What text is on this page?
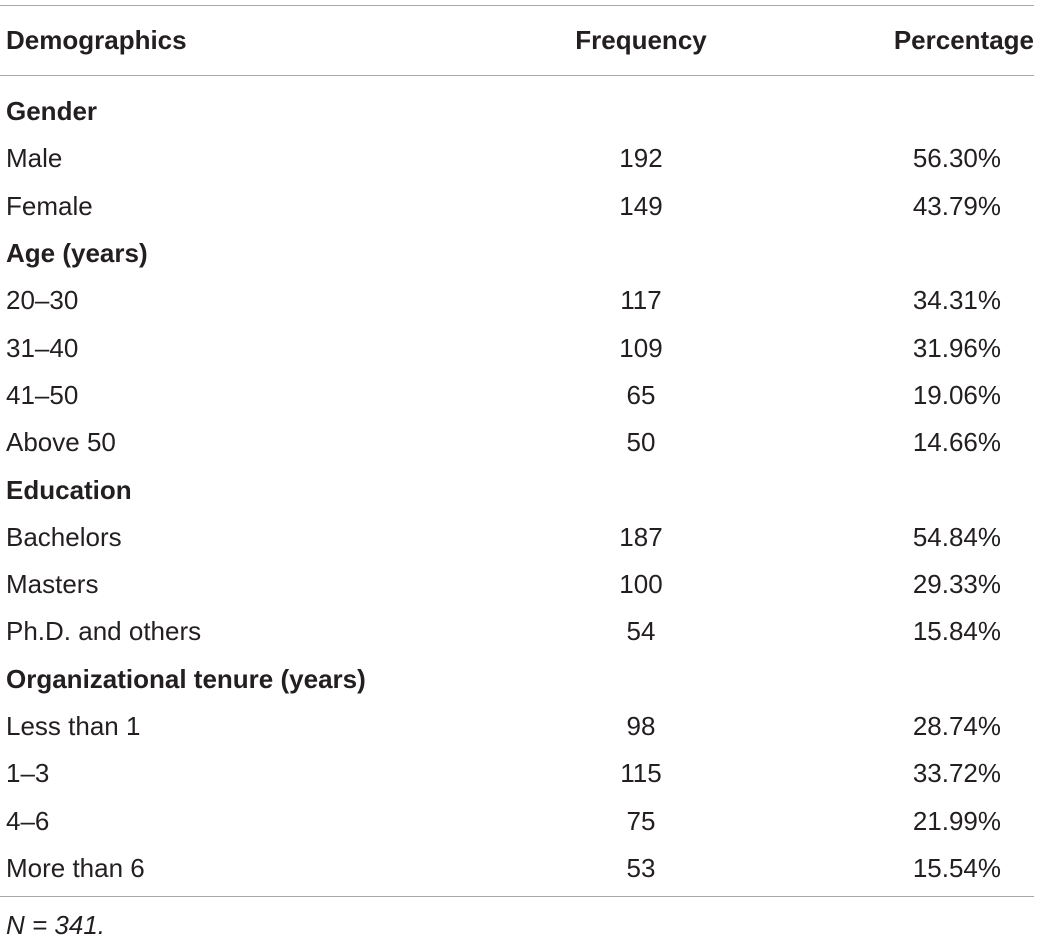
Demographics	Frequency	Percentage
Gender
Male	192	56.30%
Female	149	43.79%
Age (years)
20–30	117	34.31%
31–40	109	31.96%
41–50	65	19.06%
Above 50	50	14.66%
Education
Bachelors	187	54.84%
Masters	100	29.33%
Ph.D. and others	54	15.84%
Organizational tenure (years)
Less than 1	98	28.74%
1–3	115	33.72%
4–6	75	21.99%
More than 6	53	15.54%
N = 341.
